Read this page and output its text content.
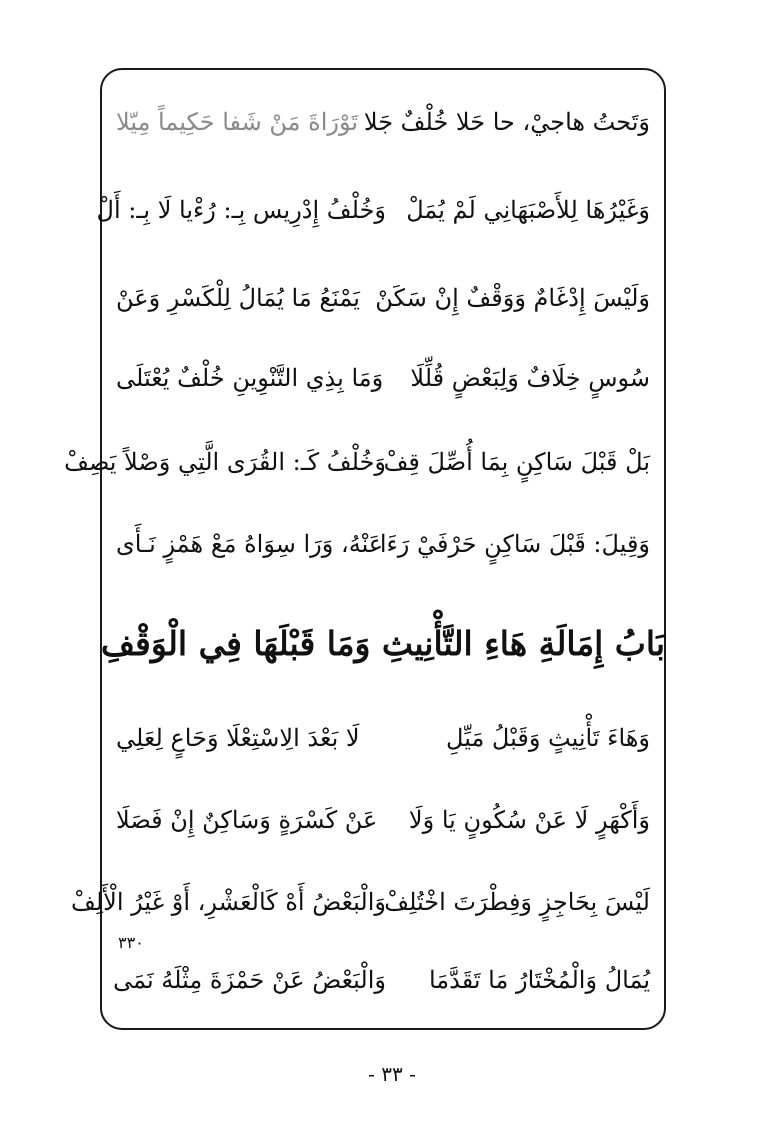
وَتَحتُ هاجيْ، حا حَلا خُلْفٌ جَلا
تَوْرَاةَ مَنْ شَفا حَكِيماً مِيّلا
وَغَيْرُهَا لِلأَصْبَهَانِي لَمْ يُمَلْ
وَخُلْفُ إِدْرِيس بِـ: رُءْيا لَا بِـ: أَلْ
وَلَيْسَ إِدْغَامٌ وَوَقْفٌ إِنْ سَكَنْ
يَمْنَعُ مَا يُمَالُ لِلْكَسْرِ وَعَنْ
سُوسٍ خِلَافٌ وَلِبَعْضٍ قُلِّلَا
وَمَا بِذِي التَّنْوِينِ خُلْفٌ يُعْتَلَى
بَلْ قَبْلَ سَاكِنٍ بِمَا أُصِّلَ قِفْ
وَخُلْفُ كَـ: القُرَى الَّتِي وَصْلاً يَصِفْ
وَقِيلَ: قَبْلَ سَاكِنٍ حَرْفَيْ رَءَا
عَنْهُ، وَرَا سِوَاهُ مَعْ هَمْزٍ نَـأَى
بَابُ إِمَالَةِ هَاءِ التَّأْنِيثِ وَمَا قَبْلَهَا فِي الْوَقْفِ
وَهَاءَ تَأْنِيثٍ وَقَبْلُ مَيِّلِ
لَا بَعْدَ الِاسْتِعْلَا وَحَاعٍ لِعَلِي
وَأَكْهَرٍ لَا عَنْ سُكُونٍ يَا وَلَا
عَنْ كَسْرَةٍ وَسَاكِنٌ إِنْ فَصَلَا
لَيْسَ بِحَاجِزٍ وَفِطْرَتَ اخْتُلِفْ
وَالْبَعْضُ أَهْ كَالْعَشْرِ، أَوْ غَيْرُ الْأَلِفْ
٣٣٠
يُمَالُ وَالْمُخْتَارُ مَا تَقَدَّمَا
وَالْبَعْضُ عَنْ حَمْزَةَ مِثْلَهُ نَمَى
- ٣٣ -
